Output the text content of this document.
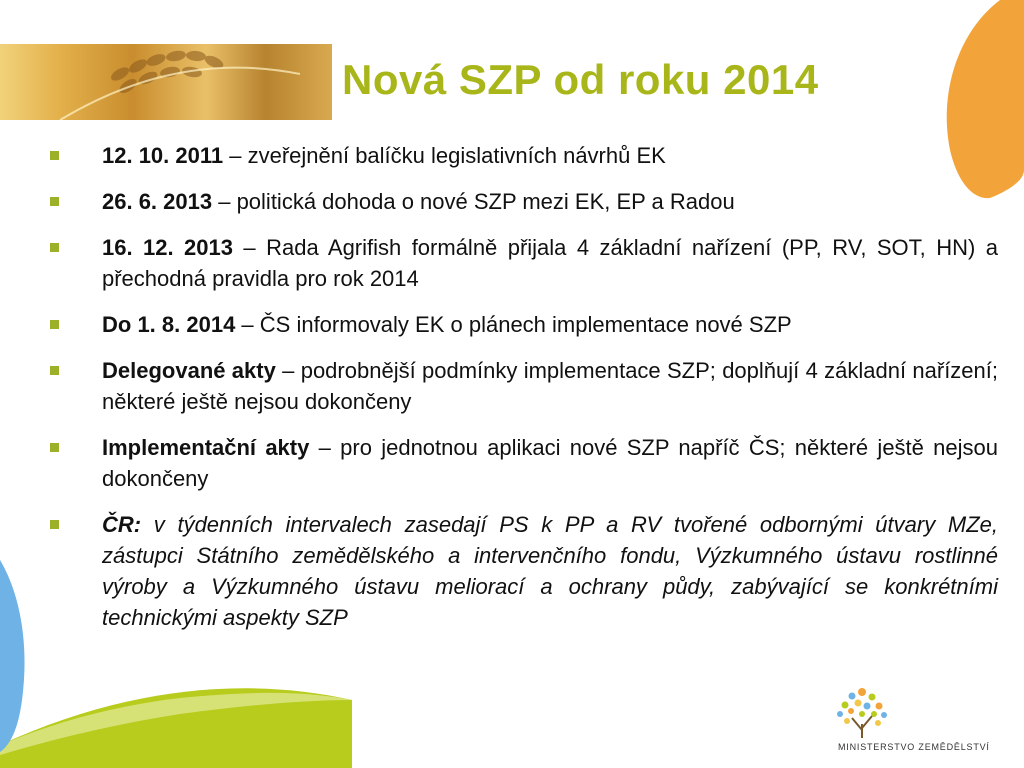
Nová SZP od roku 2014

12. 10. 2011 – zveřejnění balíčku legislativních návrhů EK

26. 6. 2013 – politická dohoda o nové SZP mezi EK, EP a Radou

16. 12. 2013 – Rada Agrifish formálně přijala 4 základní nařízení (PP, RV, SOT, HN) a přechodná pravidla pro rok 2014

Do 1. 8. 2014 – ČS informovaly EK o plánech implementace nové SZP

Delegované akty – podrobnější podmínky implementace SZP; doplňují 4 základní nařízení; některé ještě nejsou dokončeny

Implementační akty – pro jednotnou aplikaci nové SZP napříč ČS; některé ještě nejsou dokončeny

ČR: v týdenních intervalech zasedají PS k PP a RV tvořené odbornými útvary MZe, zástupci Státního zemědělského a intervenčního fondu, Výzkumného ústavu rostlinné výroby a Výzkumného ústavu meliorací a ochrany půdy, zabývající se konkrétními technickými aspekty SZP

MINISTERSTVO ZEMĚDĚLSTVÍ
